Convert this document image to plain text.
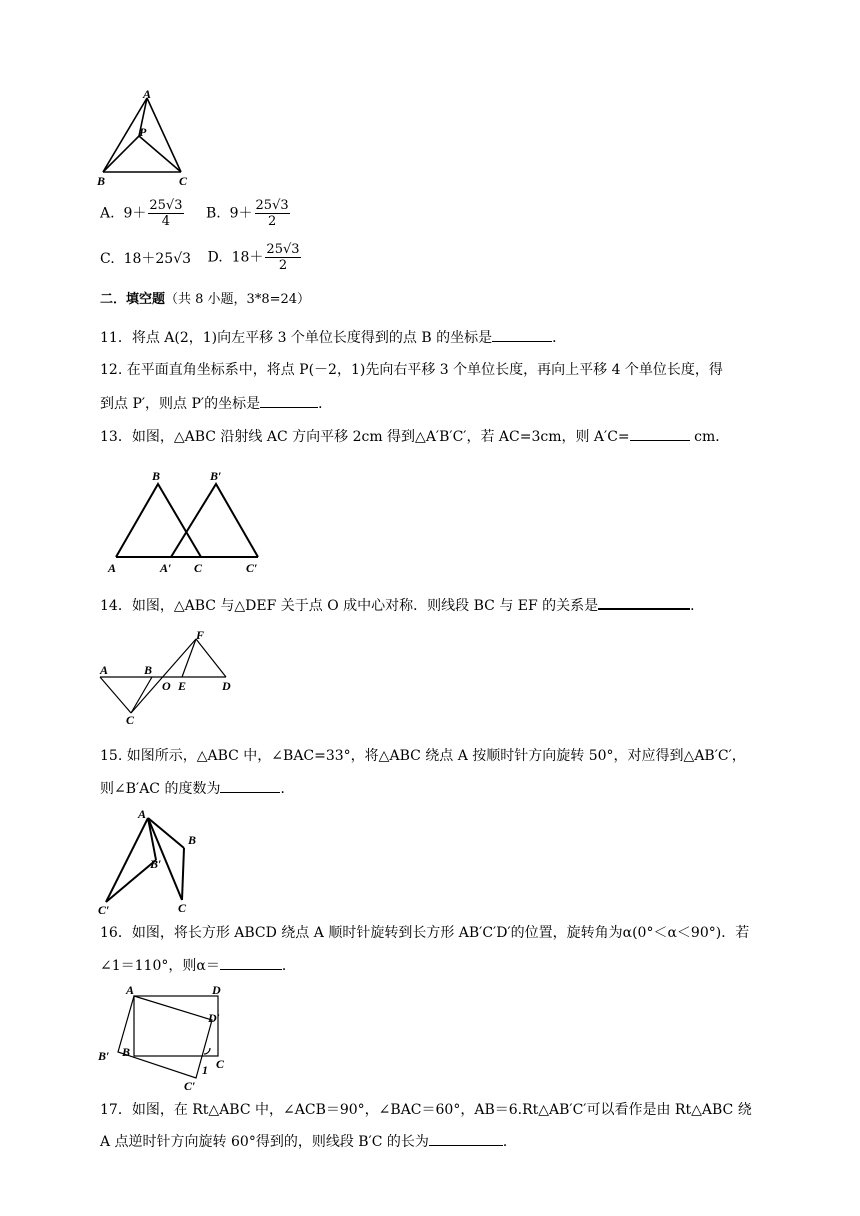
A
P
B	C
A. $9+ \frac{25√3}{4} B$. $9+ \frac{25√3}{2}$
C. 18＋25√3 D. $18+ \frac{25√3}{2}$
二．填空题（共 8 小题，3*8=24）
11．将点 A(2，1)向左平移 3 个单位长度得到的点 B 的坐标是	．
12. 在平面直角坐标系中，将点 P(－2，1)先向右平移 3 个单位长度，再向上平移 4 个单位长度，得
到点 P′，则点 P′的坐标是	．
13．如图，△ABC 沿射线 AC 方向平移 2cm 得到△A′B′C′，若 AC=3cm，则 A′C=	cm．
B	B′
A	A′ C	C′
14．如图，△ABC 与△DEF 关于点 O 成中心对称．则线段 BC 与 EF 的关系是	．
F
A	B
O E	D
C
15. 如图所示，△ABC 中，∠BAC=33°，将△ABC 绕点 A 按顺时针方向旋转 50°，对应得到△AB′C′，
则∠B′AC 的度数为	．
A
B
B′
C′	C
16．如图，将长方形 ABCD 绕点 A 顺时针旋转到长方形 AB′C′D′的位置，旋转角为α(0°＜α＜90°)．若
∠1＝110°，则α＝	．
A	D
D′
B′ B
C
1
C′
17．如图，在 Rt△ABC 中，∠ACB＝90°，∠BAC＝60°，AB＝6.Rt△AB′C′可以看作是由 Rt△ABC 绕
A 点逆时针方向旋转 60°得到的，则线段 B′C 的长为	．
